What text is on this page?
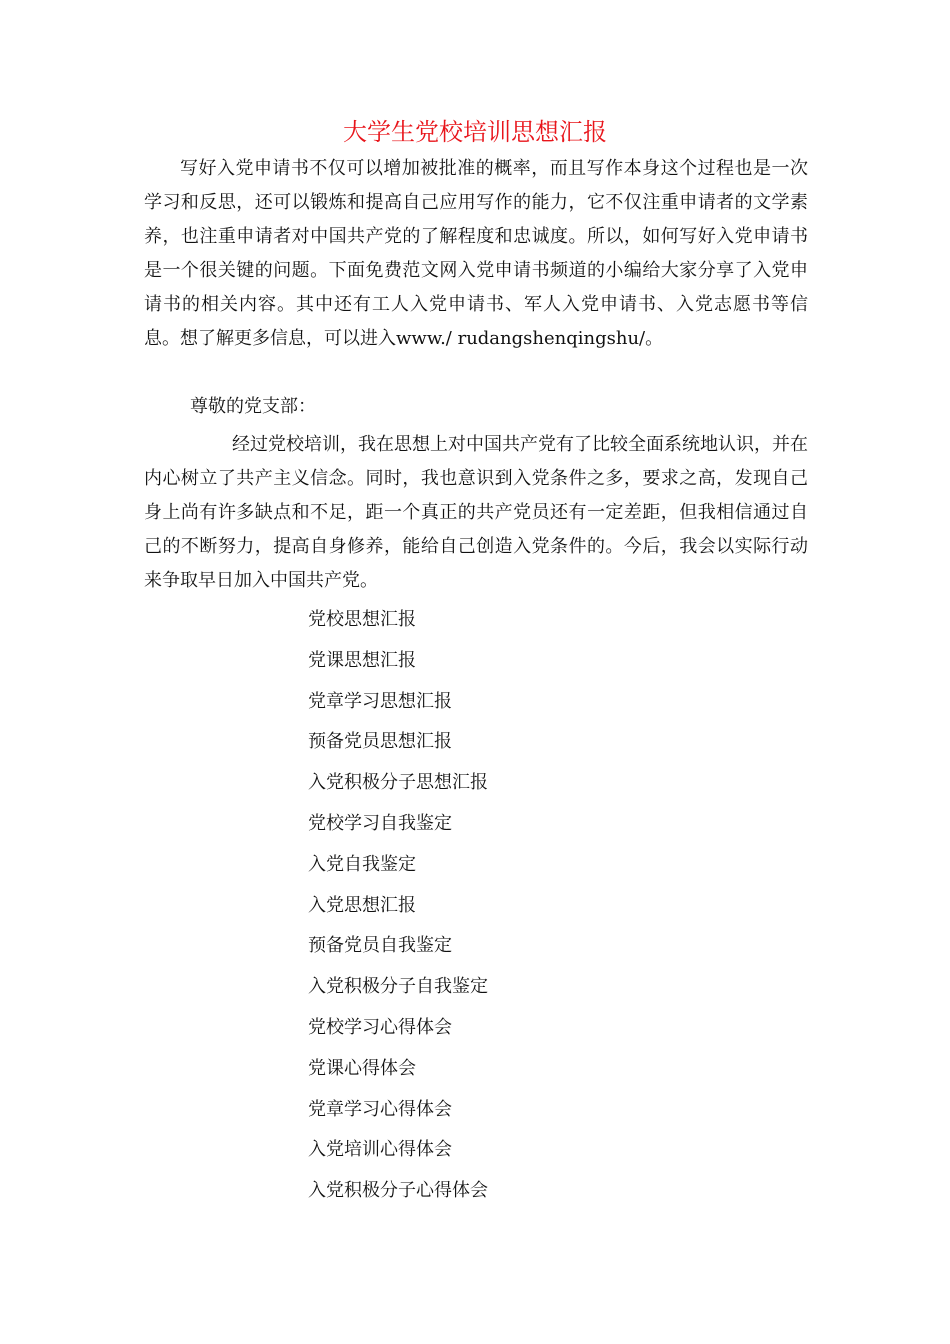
大学生党校培训思想汇报

写好入党申请书不仅可以增加被批准的概率，而且写作本身这个过程也是一次学习和反思，还可以锻炼和提高自己应用写作的能力，它不仅注重申请者的文学素养，也注重申请者对中国共产党的了解程度和忠诚度。所以，如何写好入党申请书是一个很关键的问题。下面免费范文网入党申请书频道的小编给大家分享了入党申请书的相关内容。其中还有工人入党申请书、军人入党申请书、入党志愿书等信息。想了解更多信息，可以进入www./ rudangshenqingshu/。

尊敬的党支部：

经过党校培训，我在思想上对中国共产党有了比较全面系统地认识，并在内心树立了共产主义信念。同时，我也意识到入党条件之多，要求之高，发现自己身上尚有许多缺点和不足，距一个真正的共产党员还有一定差距，但我相信通过自己的不断努力，提高自身修养，能给自己创造入党条件的。今后，我会以实际行动来争取早日加入中国共产党。

党校思想汇报
党课思想汇报
党章学习思想汇报
预备党员思想汇报
入党积极分子思想汇报
党校学习自我鉴定
入党自我鉴定
入党思想汇报
预备党员自我鉴定
入党积极分子自我鉴定
党校学习心得体会
党课心得体会
党章学习心得体会
入党培训心得体会
入党积极分子心得体会
